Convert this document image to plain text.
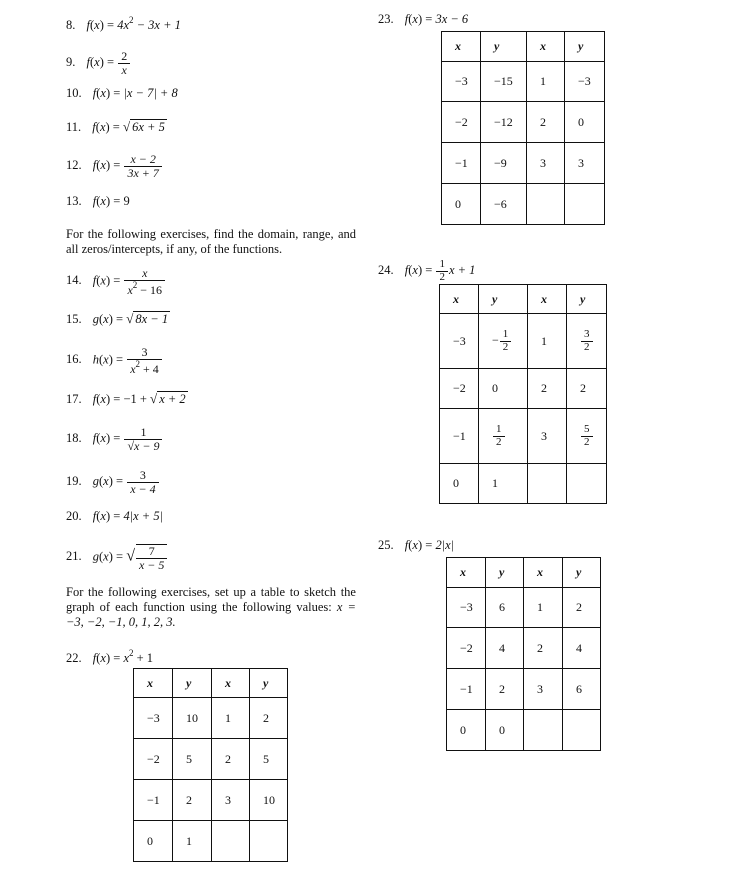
8. $f(x) = 4x^2 - 3x + 1$
9. $f(x) = \frac{2}{x}$
10. f(x) = |x − 7| + 8
11. f(x) = √ 6x + 5
12. $f(x) = \frac{x - 2}{3x + 7}$
13. f(x) = 9
For the following exercises, find the domain, range, and all zeros/intercepts, if any, of the functions.
14. $f(x) = \frac{x}{x^2 - 16}$
15. g(x) = √ 8x − 1
16. $h(x) = \frac{3}{x^2 + 4}$
17. f(x) = −1 + √ x + 2
18. $f(x) = \frac{1}{√x - 9}$
19. $g(x) = \frac{3}{x - 4}$
20. f(x) = 4|x + 5|
21. g(x) = √ $\frac{7}{x - 5}$
For the following exercises, set up a table to sketch the graph of each function using the following values: x = −3, −2, −1, 0, 1, 2, 3.
22. $f(x) = x^2 + 1$
x	y	x	y
−3	10	1	2
−2	5	2	5
−1	2	3	10
0	1		
23. f(x) = 3x − 6
x	y	x	y
−3	−15	1	−3
−2	−12	2	0
−1	−9	3	3
0	−6		
24. $f(x) = \frac{1}{2}$ x + 1
x	y	x	y
−3	− $\frac{1}{2}$	1	$\frac{3}{2}$

−2	0	2	2
−1	$\frac{1}{2}$	3	$\frac{5}{2}$

0	1		
25. f(x) = 2|x|
x	y	x	y
−3	6	1	2
−2	4	2	4
−1	2	3	6
0	0		
